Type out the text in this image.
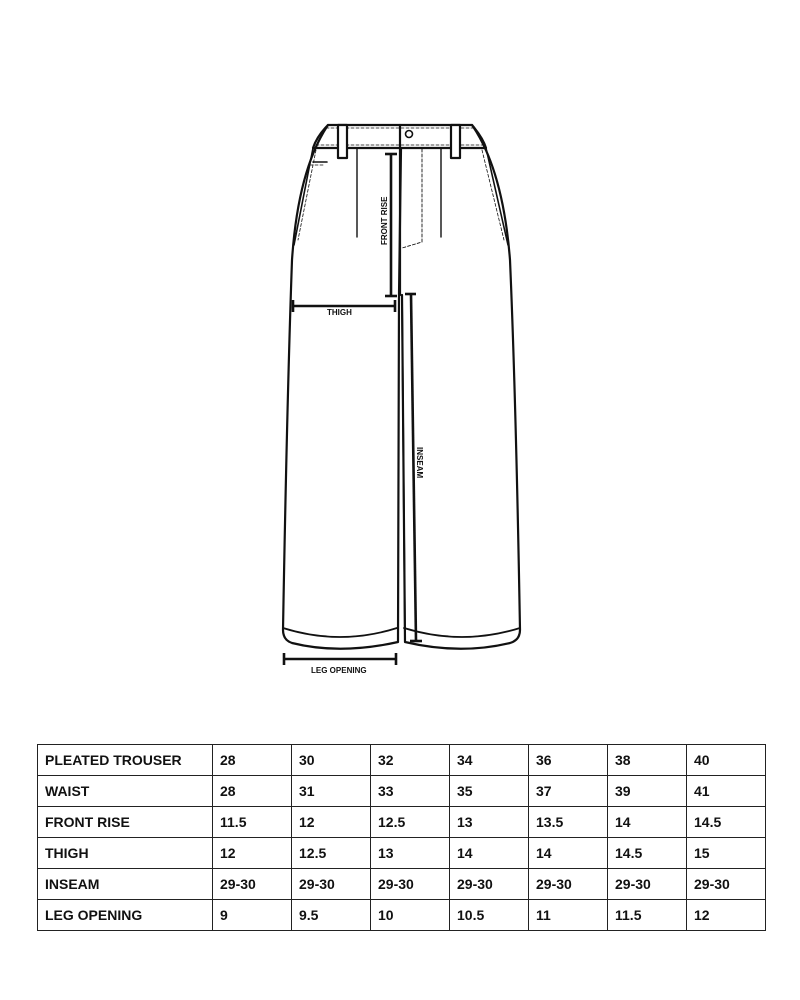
FRONT RISE
THIGH
INSEAM
LEG OPENING
PLEATED TROUSER	28	30	32	34	36	38	40
WAIST	28	31	33	35	37	39	41
FRONT RISE	11.5	12	12.5	13	13.5	14	14.5
THIGH	12	12.5	13	14	14	14.5	15
INSEAM	29-30	29-30	29-30	29-30	29-30	29-30	29-30
LEG OPENING	9	9.5	10	10.5	11	11.5	12
